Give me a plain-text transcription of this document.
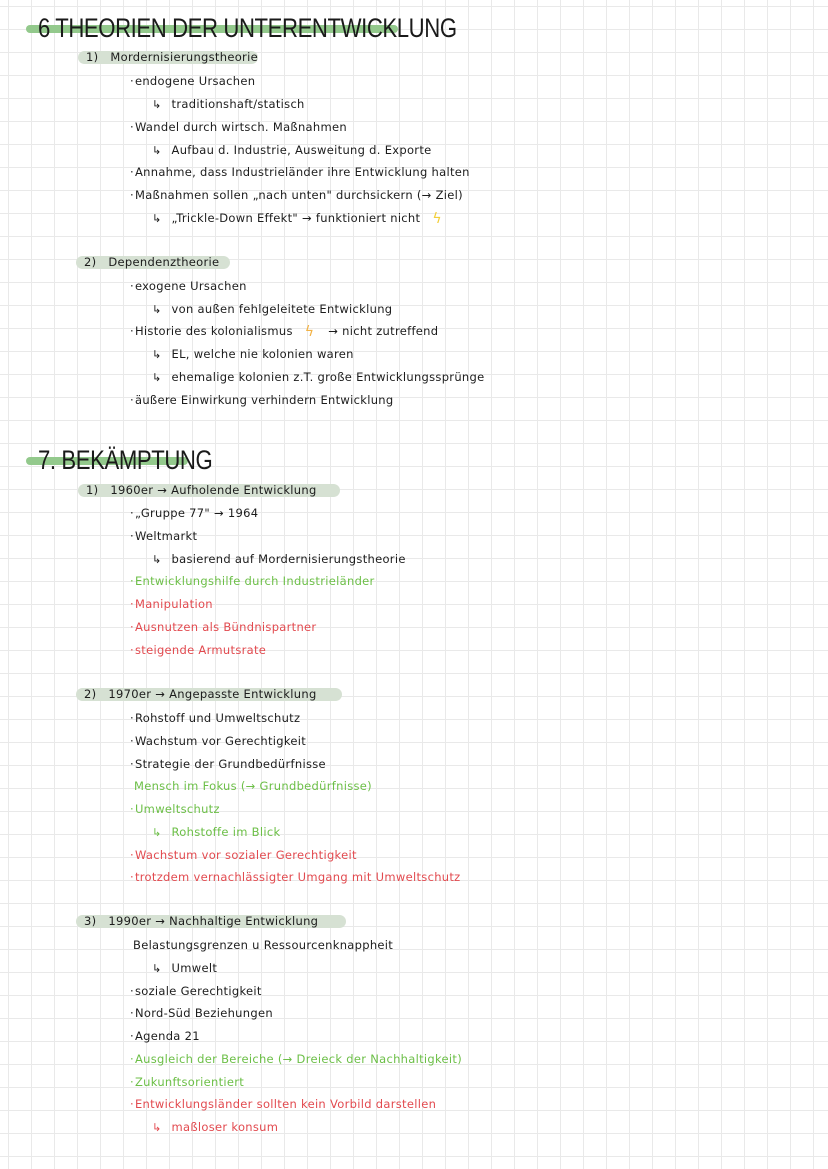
6 THEORIEN DER UNTERENTWICKLUNG
1) Mordernisierungstheorie
· endogene Ursachen
↳ traditionshaft/statisch
· Wandel durch wirtsch. Maßnahmen
↳ Aufbau d. Industrie, Ausweitung d. Exporte
· Annahme, dass Industrieländer ihre Entwicklung halten
· Maßnahmen sollen „nach unten" durchsickern (→ Ziel)
↳ „Trickle-Down Effekt" → funktioniert nicht ϟ
2) Dependenztheorie
· exogene Ursachen
↳ von außen fehlgeleitete Entwicklung
· Historie des kolonialismus ϟ → nicht zutreffend
↳ EL, welche nie kolonien waren
↳ ehemalige kolonien z.T. große Entwicklungssprünge
· äußere Einwirkung verhindern Entwicklung
7. BEKÄMPTUNG
1) 1960er → Aufholende Entwicklung
· „Gruppe 77" → 1964
· Weltmarkt
↳ basierend auf Mordernisierungstheorie
· Entwicklungshilfe durch Industrieländer
· Manipulation
· Ausnutzen als Bündnispartner
· steigende Armutsrate
2) 1970er → Angepasste Entwicklung
· Rohstoff und Umweltschutz
· Wachstum vor Gerechtigkeit
· Strategie der Grundbedürfnisse
Mensch im Fokus (→ Grundbedürfnisse)
· Umweltschutz
↳ Rohstoffe im Blick
· Wachstum vor sozialer Gerechtigkeit
· trotzdem vernachlässigter Umgang mit Umweltschutz
3) 1990er → Nachhaltige Entwicklung
Belastungsgrenzen u Ressourcenknappheit
↳ Umwelt
· soziale Gerechtigkeit
· Nord-Süd Beziehungen
· Agenda 21
· Ausgleich der Bereiche (→ Dreieck der Nachhaltigkeit)
· Zukunftsorientiert
· Entwicklungsländer sollten kein Vorbild darstellen
↳ maßloser konsum
